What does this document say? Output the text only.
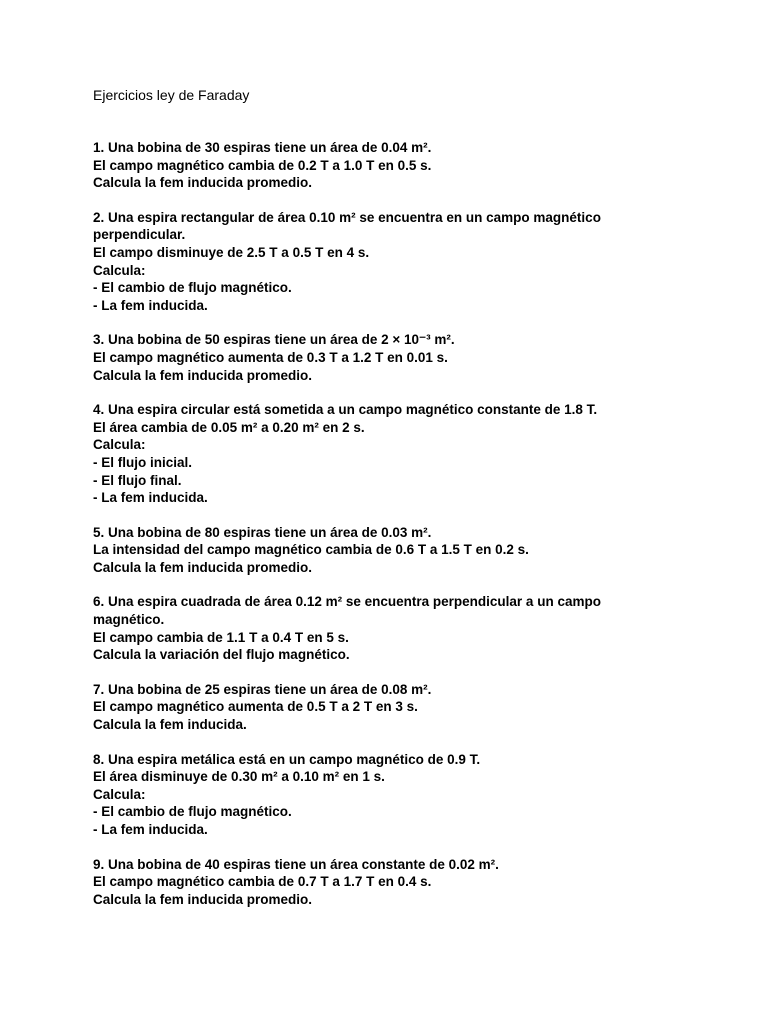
Ejercicios ley de Faraday
1. Una bobina de 30 espiras tiene un área de 0.04 m².
El campo magnético cambia de 0.2 T a 1.0 T en 0.5 s.
Calcula la fem inducida promedio.
2. Una espira rectangular de área 0.10 m² se encuentra en un campo magnético
perpendicular.
El campo disminuye de 2.5 T a 0.5 T en 4 s.
Calcula:
- El cambio de flujo magnético.
- La fem inducida.
3. Una bobina de 50 espiras tiene un área de 2 × 10⁻³ m².
El campo magnético aumenta de 0.3 T a 1.2 T en 0.01 s.
Calcula la fem inducida promedio.
4. Una espira circular está sometida a un campo magnético constante de 1.8 T.
El área cambia de 0.05 m² a 0.20 m² en 2 s.
Calcula:
- El flujo inicial.
- El flujo final.
- La fem inducida.
5. Una bobina de 80 espiras tiene un área de 0.03 m².
La intensidad del campo magnético cambia de 0.6 T a 1.5 T en 0.2 s.
Calcula la fem inducida promedio.
6. Una espira cuadrada de área 0.12 m² se encuentra perpendicular a un campo
magnético.
El campo cambia de 1.1 T a 0.4 T en 5 s.
Calcula la variación del flujo magnético.
7. Una bobina de 25 espiras tiene un área de 0.08 m².
El campo magnético aumenta de 0.5 T a 2 T en 3 s.
Calcula la fem inducida.
8. Una espira metálica está en un campo magnético de 0.9 T.
El área disminuye de 0.30 m² a 0.10 m² en 1 s.
Calcula:
- El cambio de flujo magnético.
- La fem inducida.
9. Una bobina de 40 espiras tiene un área constante de 0.02 m².
El campo magnético cambia de 0.7 T a 1.7 T en 0.4 s.
Calcula la fem inducida promedio.
